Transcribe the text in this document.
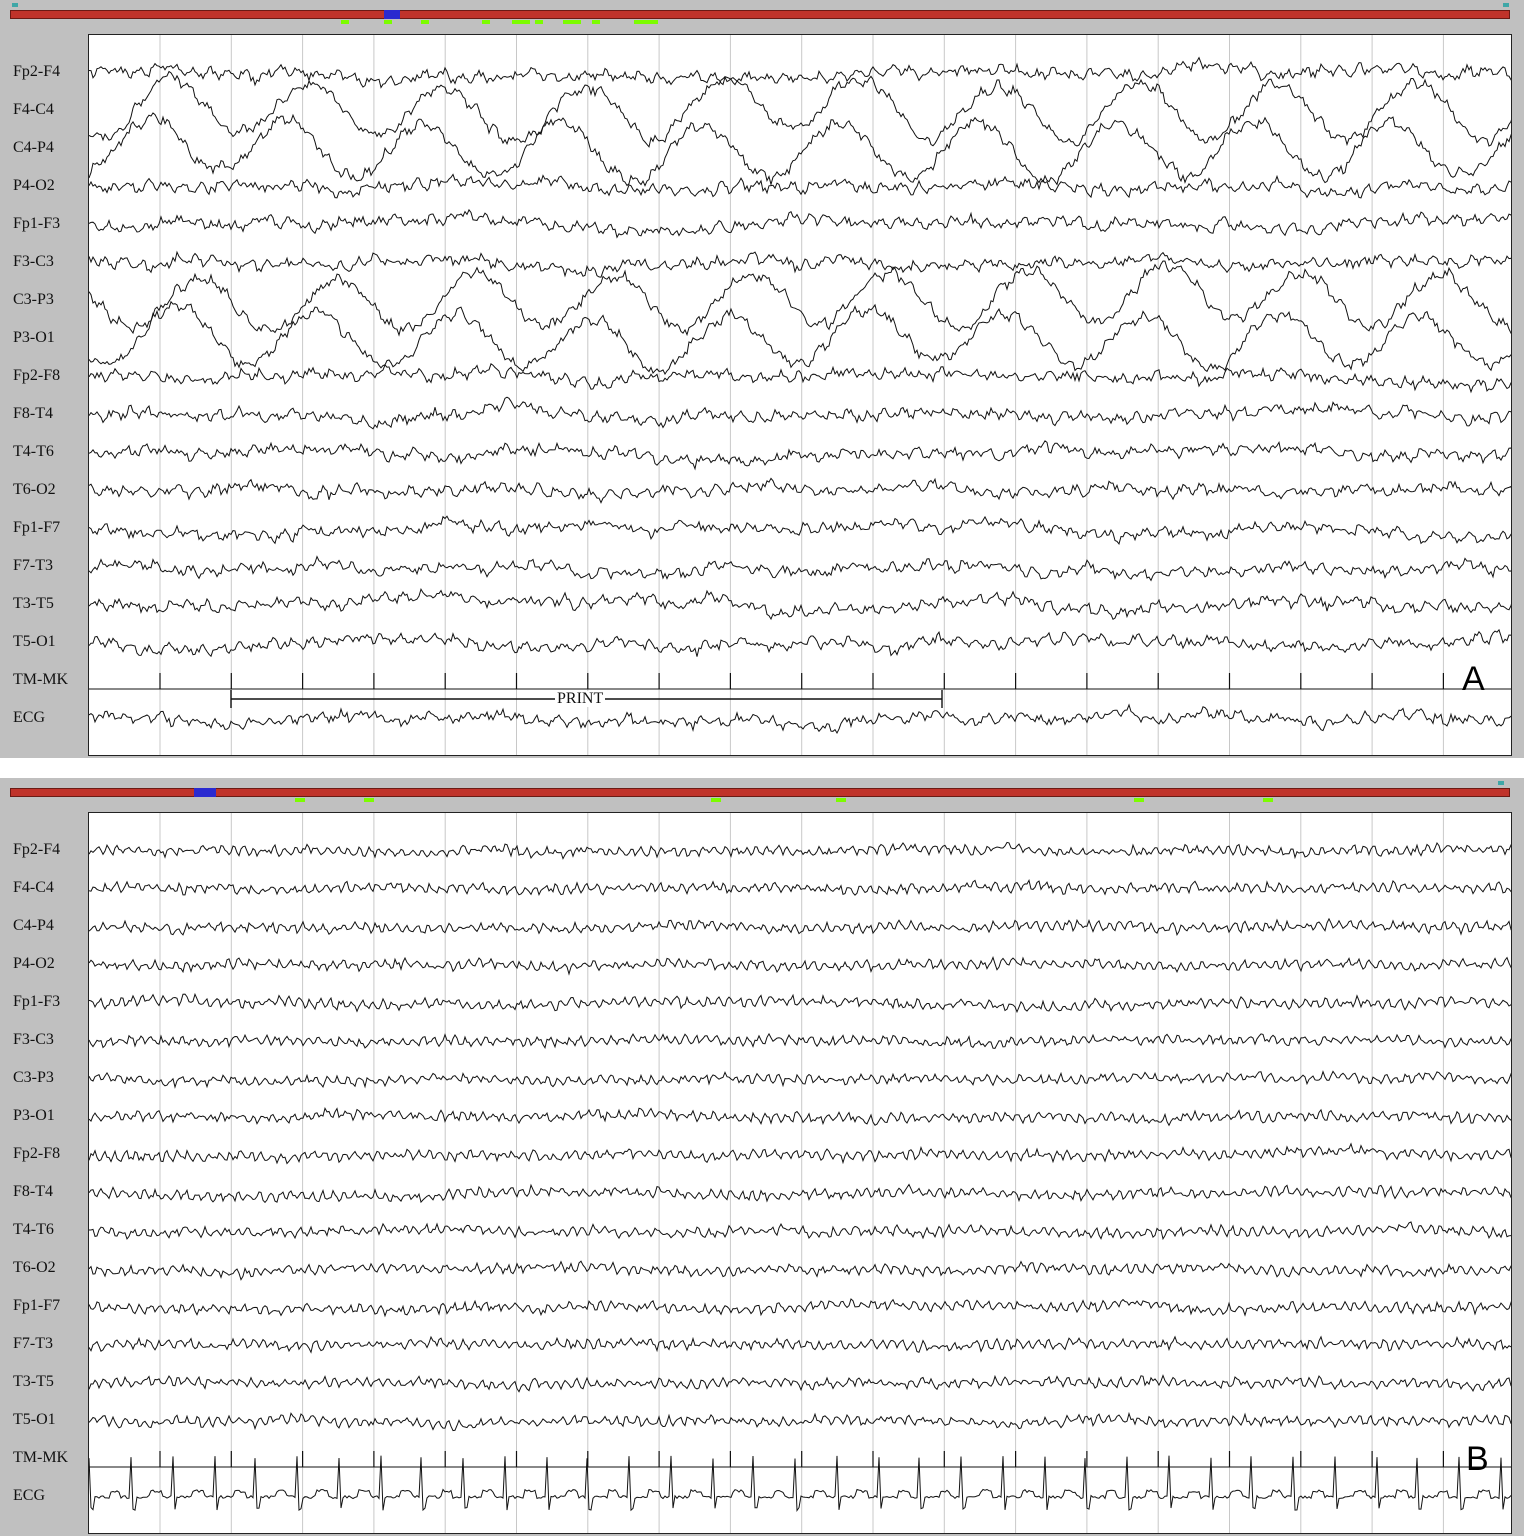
Fp2-F4
F4-C4
C4-P4
P4-O2
Fp1-F3
F3-C3
C3-P3
P3-O1
Fp2-F8
F8-T4
T4-T6
T6-O2
Fp1-F7
F7-T3
T3-T5
T5-O1
TM-MK
ECG
PRINT
A
Fp2-F4
F4-C4
C4-P4
P4-O2
Fp1-F3
F3-C3
C3-P3
P3-O1
Fp2-F8
F8-T4
T4-T6
T6-O2
Fp1-F7
F7-T3
T3-T5
T5-O1
TM-MK
ECG
B
